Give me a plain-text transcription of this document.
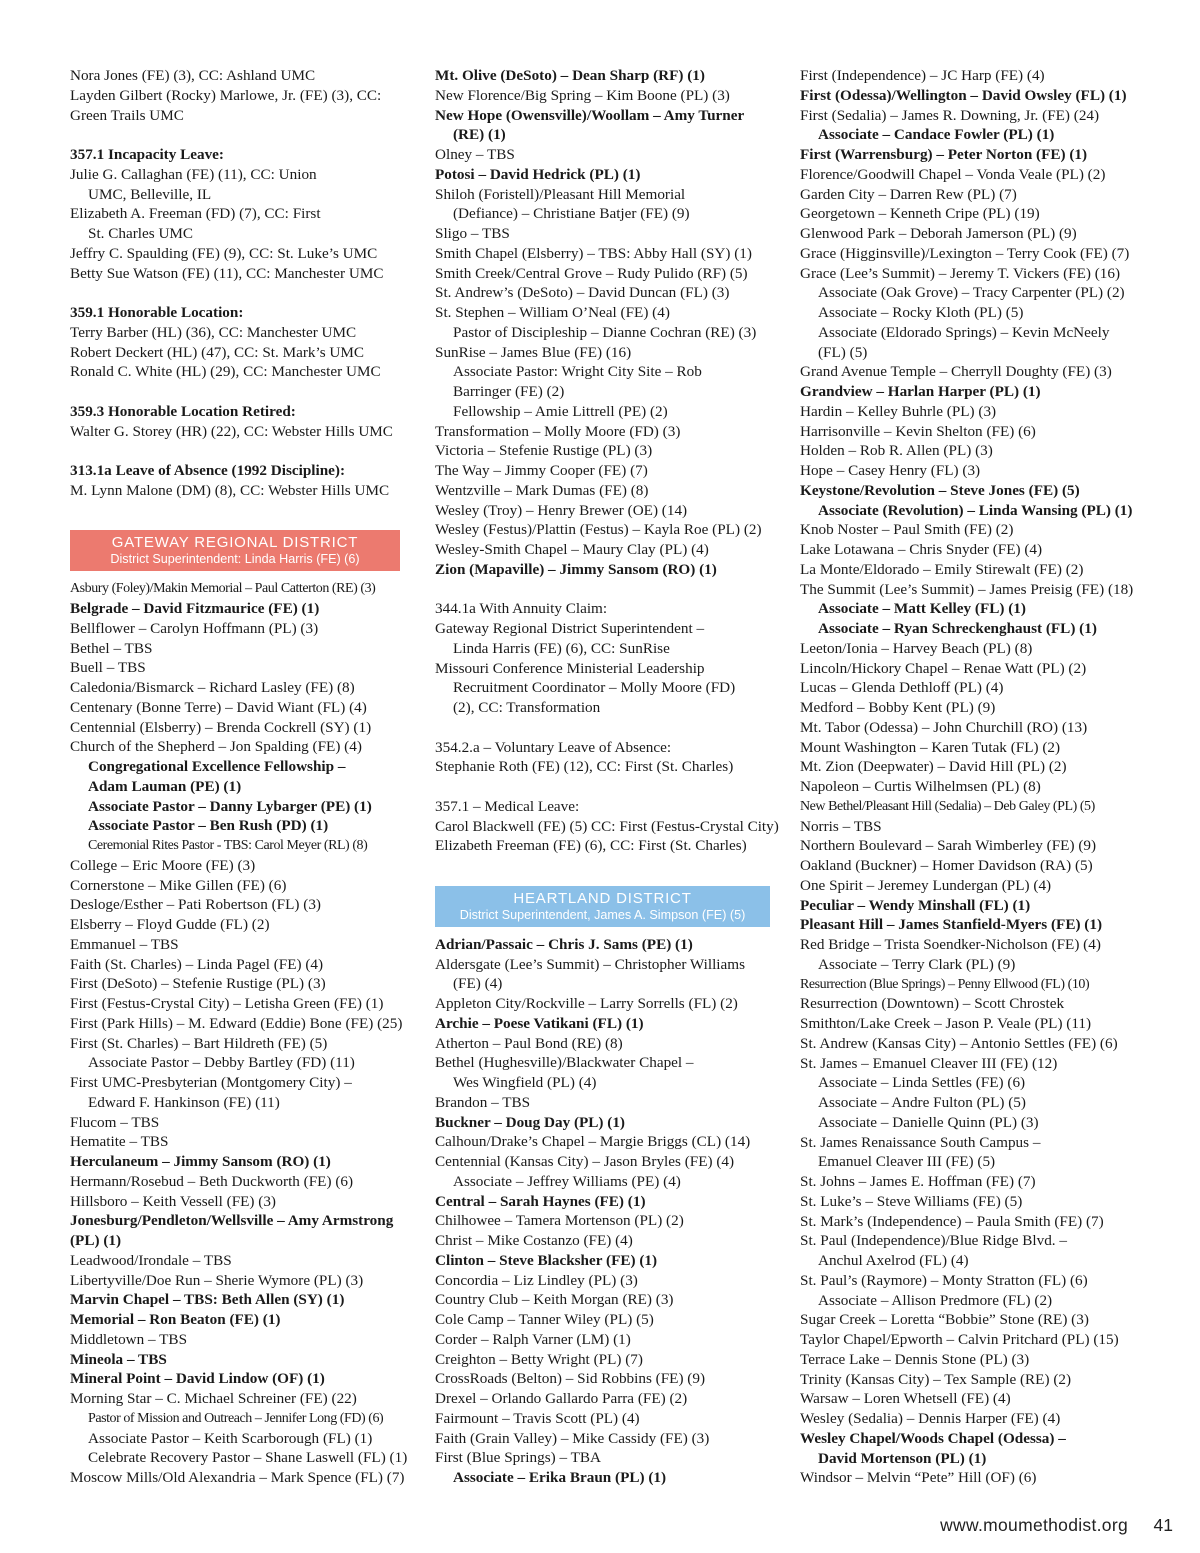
Nora Jones (FE) (3), CC: Ashland UMC
Layden Gilbert (Rocky) Marlowe, Jr. (FE) (3), CC:
Green Trails UMC
357.1 Incapacity Leave:
Julie G. Callaghan (FE) (11), CC: Union
UMC, Belleville, IL
Elizabeth A. Freeman (FD) (7), CC: First
St. Charles UMC
Jeffry C. Spaulding (FE) (9), CC: St. Luke’s UMC
Betty Sue Watson (FE) (11), CC: Manchester UMC
359.1 Honorable Location:
Terry Barber (HL) (36), CC: Manchester UMC
Robert Deckert (HL) (47), CC: St. Mark’s UMC
Ronald C. White (HL) (29), CC: Manchester UMC
359.3 Honorable Location Retired:
Walter G. Storey (HR) (22), CC: Webster Hills UMC
313.1a Leave of Absence (1992 Discipline):
M. Lynn Malone (DM) (8), CC: Webster Hills UMC
GATEWAY REGIONAL DISTRICT
District Superintendent: Linda Harris (FE) (6)
Asbury (Foley)/Makin Memorial – Paul Catterton (RE) (3)
Belgrade – David Fitzmaurice (FE) (1)
Bellflower – Carolyn Hoffmann (PL) (3)
Bethel – TBS
Buell – TBS
Caledonia/Bismarck – Richard Lasley (FE) (8)
Centenary (Bonne Terre) – David Wiant (FL) (4)
Centennial (Elsberry) – Brenda Cockrell (SY) (1)
Church of the Shepherd – Jon Spalding (FE) (4)
Congregational Excellence Fellowship –
Adam Lauman (PE) (1)
Associate Pastor – Danny Lybarger (PE) (1)
Associate Pastor – Ben Rush (PD) (1)
Ceremonial Rites Pastor - TBS: Carol Meyer (RL) (8)
College – Eric Moore (FE) (3)
Cornerstone – Mike Gillen (FE) (6)
Desloge/Esther – Pati Robertson (FL) (3)
Elsberry – Floyd Gudde (FL) (2)
Emmanuel – TBS
Faith (St. Charles) – Linda Pagel (FE) (4)
First (DeSoto) – Stefenie Rustige (PL) (3)
First (Festus-Crystal City) – Letisha Green (FE) (1)
First (Park Hills) – M. Edward (Eddie) Bone (FE) (25)
First (St. Charles) – Bart Hildreth (FE) (5)
Associate Pastor – Debby Bartley (FD) (11)
First UMC-Presbyterian (Montgomery City) –
Edward F. Hankinson (FE) (11)
Flucom – TBS
Hematite – TBS
Herculaneum – Jimmy Sansom (RO) (1)
Hermann/Rosebud – Beth Duckworth (FE) (6)
Hillsboro – Keith Vessell (FE) (3)
Jonesburg/Pendleton/Wellsville – Amy Armstrong
(PL) (1)
Leadwood/Irondale – TBS
Libertyville/Doe Run – Sherie Wymore (PL) (3)
Marvin Chapel – TBS: Beth Allen (SY) (1)
Memorial – Ron Beaton (FE) (1)
Middletown – TBS
Mineola – TBS
Mineral Point – David Lindow (OF) (1)
Morning Star – C. Michael Schreiner (FE) (22)
Pastor of Mission and Outreach – Jennifer Long (FD) (6)
Associate Pastor – Keith Scarborough (FL) (1)
Celebrate Recovery Pastor – Shane Laswell (FL) (1)
Moscow Mills/Old Alexandria – Mark Spence (FL) (7)
Mt. Olive (DeSoto) – Dean Sharp (RF) (1)
New Florence/Big Spring – Kim Boone (PL) (3)
New Hope (Owensville)/Woollam – Amy Turner
(RE) (1)
Olney – TBS
Potosi – David Hedrick (PL) (1)
Shiloh (Foristell)/Pleasant Hill Memorial
(Defiance) – Christiane Batjer (FE) (9)
Sligo – TBS
Smith Chapel (Elsberry) – TBS: Abby Hall (SY) (1)
Smith Creek/Central Grove – Rudy Pulido (RF) (5)
St. Andrew’s (DeSoto) – David Duncan (FL) (3)
St. Stephen – William O’Neal (FE) (4)
Pastor of Discipleship – Dianne Cochran (RE) (3)
SunRise – James Blue (FE) (16)
Associate Pastor: Wright City Site – Rob
Barringer (FE) (2)
Fellowship – Amie Littrell (PE) (2)
Transformation – Molly Moore (FD) (3)
Victoria – Stefenie Rustige (PL) (3)
The Way – Jimmy Cooper (FE) (7)
Wentzville – Mark Dumas (FE) (8)
Wesley (Troy) – Henry Brewer (OE) (14)
Wesley (Festus)/Plattin (Festus) – Kayla Roe (PL) (2)
Wesley-Smith Chapel – Maury Clay (PL) (4)
Zion (Mapaville) – Jimmy Sansom (RO) (1)
344.1a With Annuity Claim:
Gateway Regional District Superintendent –
Linda Harris (FE) (6), CC: SunRise
Missouri Conference Ministerial Leadership
Recruitment Coordinator – Molly Moore (FD)
(2), CC: Transformation
354.2.a – Voluntary Leave of Absence:
Stephanie Roth (FE) (12), CC: First (St. Charles)
357.1 – Medical Leave:
Carol Blackwell (FE) (5) CC: First (Festus-Crystal City)
Elizabeth Freeman (FE) (6), CC: First (St. Charles)
HEARTLAND DISTRICT
District Superintendent, James A. Simpson (FE) (5)
Adrian/Passaic – Chris J. Sams (PE) (1)
Aldersgate (Lee’s Summit) – Christopher Williams
(FE) (4)
Appleton City/Rockville – Larry Sorrells (FL) (2)
Archie – Poese Vatikani (FL) (1)
Atherton – Paul Bond (RE) (8)
Bethel (Hughesville)/Blackwater Chapel –
Wes Wingfield (PL) (4)
Brandon – TBS
Buckner – Doug Day (PL) (1)
Calhoun/Drake’s Chapel – Margie Briggs (CL) (14)
Centennial (Kansas City) – Jason Bryles (FE) (4)
Associate – Jeffrey Williams (PE) (4)
Central – Sarah Haynes (FE) (1)
Chilhowee – Tamera Mortenson (PL) (2)
Christ – Mike Costanzo (FE) (4)
Clinton – Steve Blacksher (FE) (1)
Concordia – Liz Lindley (PL) (3)
Country Club – Keith Morgan (RE) (3)
Cole Camp – Tanner Wiley (PL) (5)
Corder – Ralph Varner (LM) (1)
Creighton – Betty Wright (PL) (7)
CrossRoads (Belton) – Sid Robbins (FE) (9)
Drexel – Orlando Gallardo Parra (FE) (2)
Fairmount – Travis Scott (PL) (4)
Faith (Grain Valley) – Mike Cassidy (FE) (3)
First (Blue Springs) – TBA
Associate – Erika Braun (PL) (1)
First (Independence) – JC Harp (FE) (4)
First (Odessa)/Wellington – David Owsley (FL) (1)
First (Sedalia) – James R. Downing, Jr. (FE) (24)
Associate – Candace Fowler (PL) (1)
First (Warrensburg) – Peter Norton (FE) (1)
Florence/Goodwill Chapel – Vonda Veale (PL) (2)
Garden City – Darren Rew (PL) (7)
Georgetown – Kenneth Cripe (PL) (19)
Glenwood Park – Deborah Jamerson (PL) (9)
Grace (Higginsville)/Lexington – Terry Cook (FE) (7)
Grace (Lee’s Summit) – Jeremy T. Vickers (FE) (16)
Associate (Oak Grove) – Tracy Carpenter (PL) (2)
Associate – Rocky Kloth (PL) (5)
Associate (Eldorado Springs) – Kevin McNeely
(FL) (5)
Grand Avenue Temple – Cherryll Doughty (FE) (3)
Grandview – Harlan Harper (PL) (1)
Hardin – Kelley Buhrle (PL) (3)
Harrisonville – Kevin Shelton (FE) (6)
Holden – Rob R. Allen (PL) (3)
Hope – Casey Henry (FL) (3)
Keystone/Revolution – Steve Jones (FE) (5)
Associate (Revolution) – Linda Wansing (PL) (1)
Knob Noster – Paul Smith (FE) (2)
Lake Lotawana – Chris Snyder (FE) (4)
La Monte/Eldorado – Emily Stirewalt (FE) (2)
The Summit (Lee’s Summit) – James Preisig (FE) (18)
Associate – Matt Kelley (FL) (1)
Associate – Ryan Schreckenghaust (FL) (1)
Leeton/Ionia – Harvey Beach (PL) (8)
Lincoln/Hickory Chapel – Renae Watt (PL) (2)
Lucas – Glenda Dethloff (PL) (4)
Medford – Bobby Kent (PL) (9)
Mt. Tabor (Odessa) – John Churchill (RO) (13)
Mount Washington – Karen Tutak (FL) (2)
Mt. Zion (Deepwater) – David Hill (PL) (2)
Napoleon – Curtis Wilhelmsen (PL) (8)
New Bethel/Pleasant Hill (Sedalia) – Deb Galey (PL) (5)
Norris – TBS
Northern Boulevard – Sarah Wimberley (FE) (9)
Oakland (Buckner) – Homer Davidson (RA) (5)
One Spirit – Jeremey Lundergan (PL) (4)
Peculiar – Wendy Minshall (FL) (1)
Pleasant Hill – James Stanfield-Myers (FE) (1)
Red Bridge – Trista Soendker-Nicholson (FE) (4)
Associate – Terry Clark (PL) (9)
Resurrection (Blue Springs) – Penny Ellwood (FL) (10)
Resurrection (Downtown) – Scott Chrostek
Smithton/Lake Creek – Jason P. Veale (PL) (11)
St. Andrew (Kansas City) – Antonio Settles (FE) (6)
St. James – Emanuel Cleaver III (FE) (12)
Associate – Linda Settles (FE) (6)
Associate – Andre Fulton (PL) (5)
Associate – Danielle Quinn (PL) (3)
St. James Renaissance South Campus –
Emanuel Cleaver III (FE) (5)
St. Johns – James E. Hoffman (FE) (7)
St. Luke’s – Steve Williams (FE) (5)
St. Mark’s (Independence) – Paula Smith (FE) (7)
St. Paul (Independence)/Blue Ridge Blvd. –
Anchul Axelrod (FL) (4)
St. Paul’s (Raymore) – Monty Stratton (FL) (6)
Associate – Allison Predmore (FL) (2)
Sugar Creek – Loretta “Bobbie” Stone (RE) (3)
Taylor Chapel/Epworth – Calvin Pritchard (PL) (15)
Terrace Lake – Dennis Stone (PL) (3)
Trinity (Kansas City) – Tex Sample (RE) (2)
Warsaw – Loren Whetsell (FE) (4)
Wesley (Sedalia) – Dennis Harper (FE) (4)
Wesley Chapel/Woods Chapel (Odessa) –
David Mortenson (PL) (1)
Windsor – Melvin “Pete” Hill (OF) (6)
www.moumethodist.org 41
